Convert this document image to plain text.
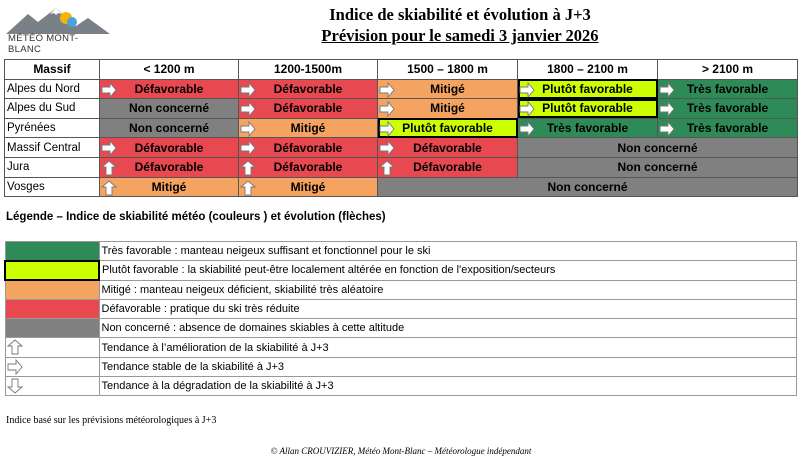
MÉTÉO MONT-BLANC
Indice de skiabilité et évolution à J+3
Prévision pour le samedi 3 janvier 2026
Massif	< 1200 m	1200-1500m	1500 – 1800 m	1800 – 2100 m	> 2100 m
Alpes du Nord	Défavorable	Défavorable	Mitigé	Plutôt favorable	Très favorable
Alpes du Sud	Non concerné	Défavorable	Mitigé	Plutôt favorable	Très favorable
Pyrénées	Non concerné	Mitigé	Plutôt favorable	Très favorable	Très favorable
Massif Central	Défavorable	Défavorable	Défavorable	Non concerné	
Jura	Défavorable	Défavorable	Défavorable	Non concerné	
Vosges	Mitigé	Mitigé	Non concerné		
Légende – Indice de skiabilité météo (couleurs ) et évolution (flèches)
	Très favorable : manteau neigeux suffisant et fonctionnel pour le ski
	Plutôt favorable : la skiabilité peut-être localement altérée en fonction de l'exposition/secteurs
	Mitigé : manteau neigeux déficient, skiabilité très aléatoire
	Défavorable : pratique du ski très réduite
	Non concerné : absence de domaines skiables à cette altitude

	Tendance à l’amélioration de la skiabilité à J+3

	Tendance stable de la skiabilité à J+3

	Tendance à la dégradation de la skiabilité à J+3
Indice basé sur les prévisions météorologiques à J+3
© Allan CROUVIZIER, Météo Mont-Blanc – Météorologue indépendant
